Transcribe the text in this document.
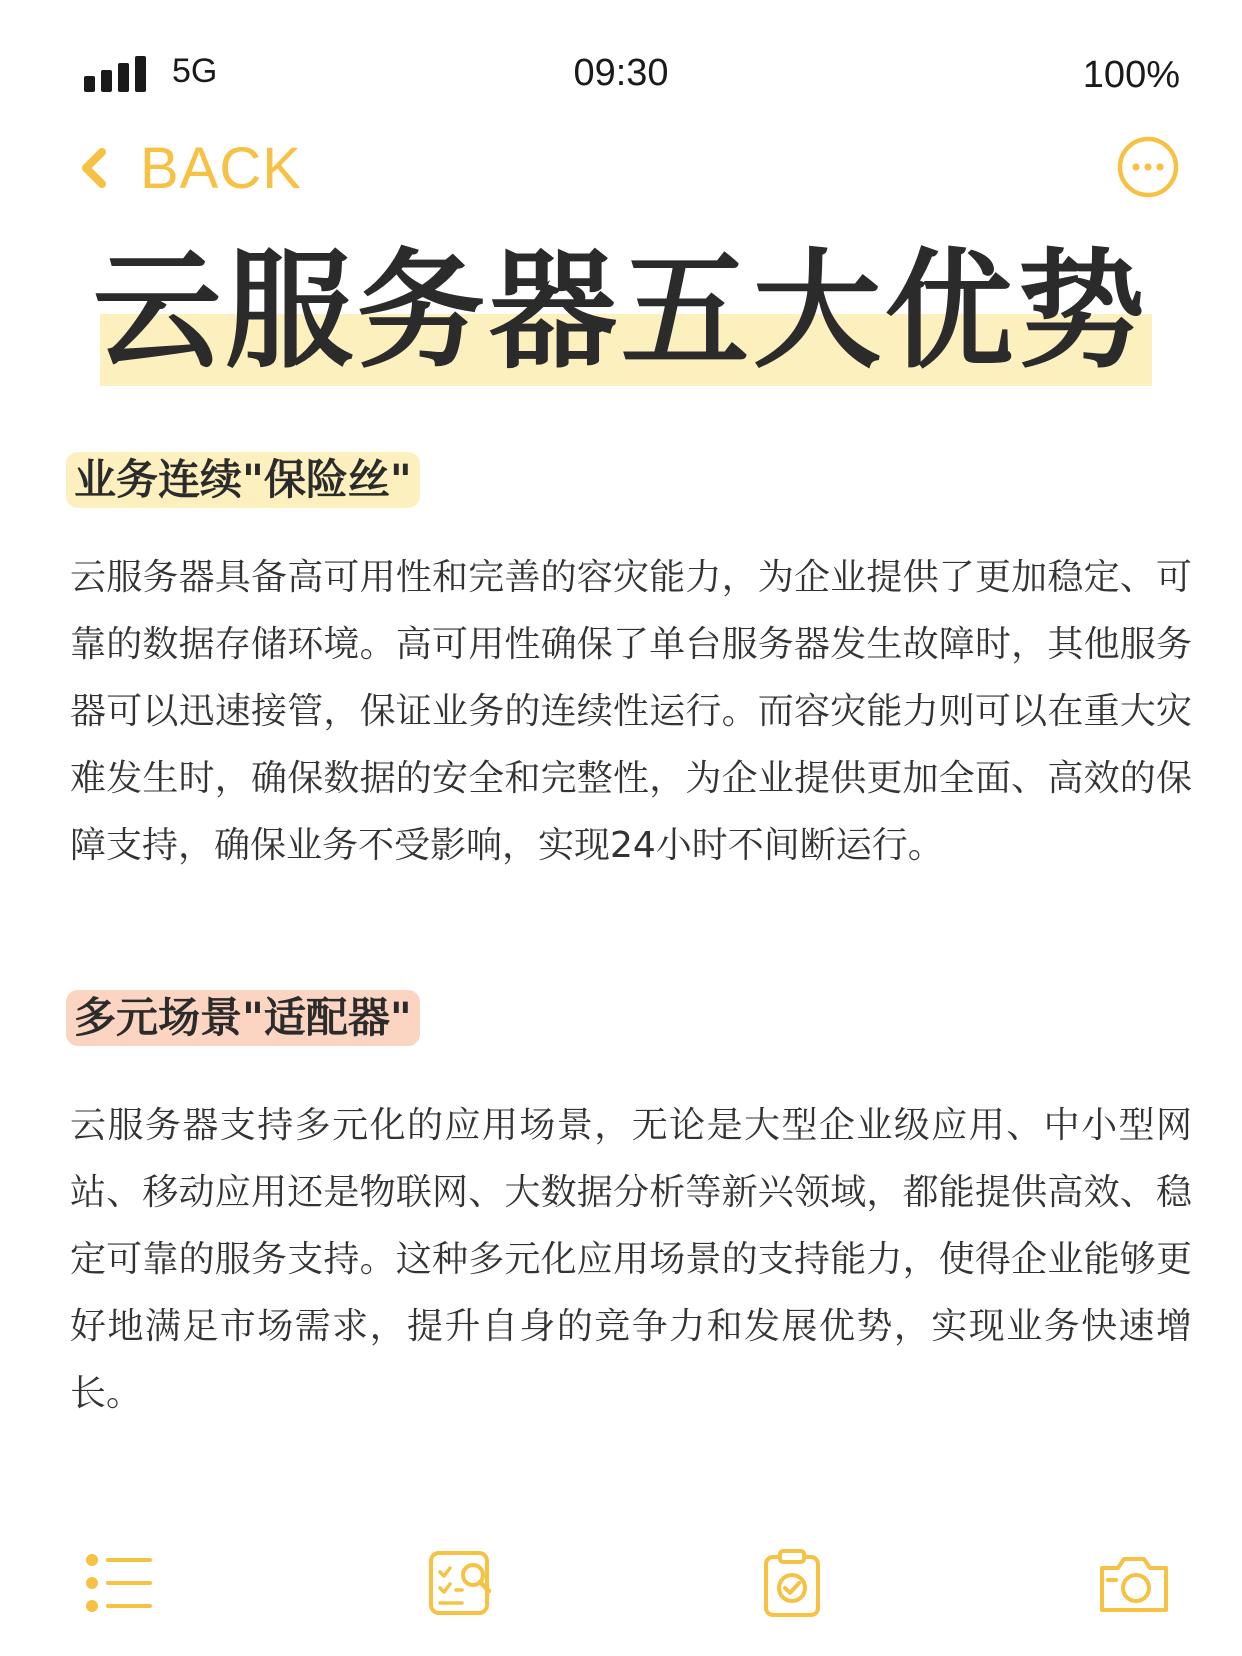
5G	09:30	100%
BACK
云服务器五大优势
业务连续"保险丝"

云服务器具备高可用性和完善的容灾能力，为企业提供了更加稳定、可靠的数据存储环境。高可用性确保了单台服务器发生故障时，其他服务器可以迅速接管，保证业务的连续性运行。而容灾能力则可以在重大灾难发生时，确保数据的安全和完整性，为企业提供更加全面、高效的保障支持，确保业务不受影响，实现24小时不间断运行。

多元场景"适配器"

云服务器支持多元化的应用场景，无论是大型企业级应用、中小型网站、移动应用还是物联网、大数据分析等新兴领域，都能提供高效、稳定可靠的服务支持。这种多元化应用场景的支持能力，使得企业能够更好地满足市场需求，提升自身的竞争力和发展优势，实现业务快速增长。
